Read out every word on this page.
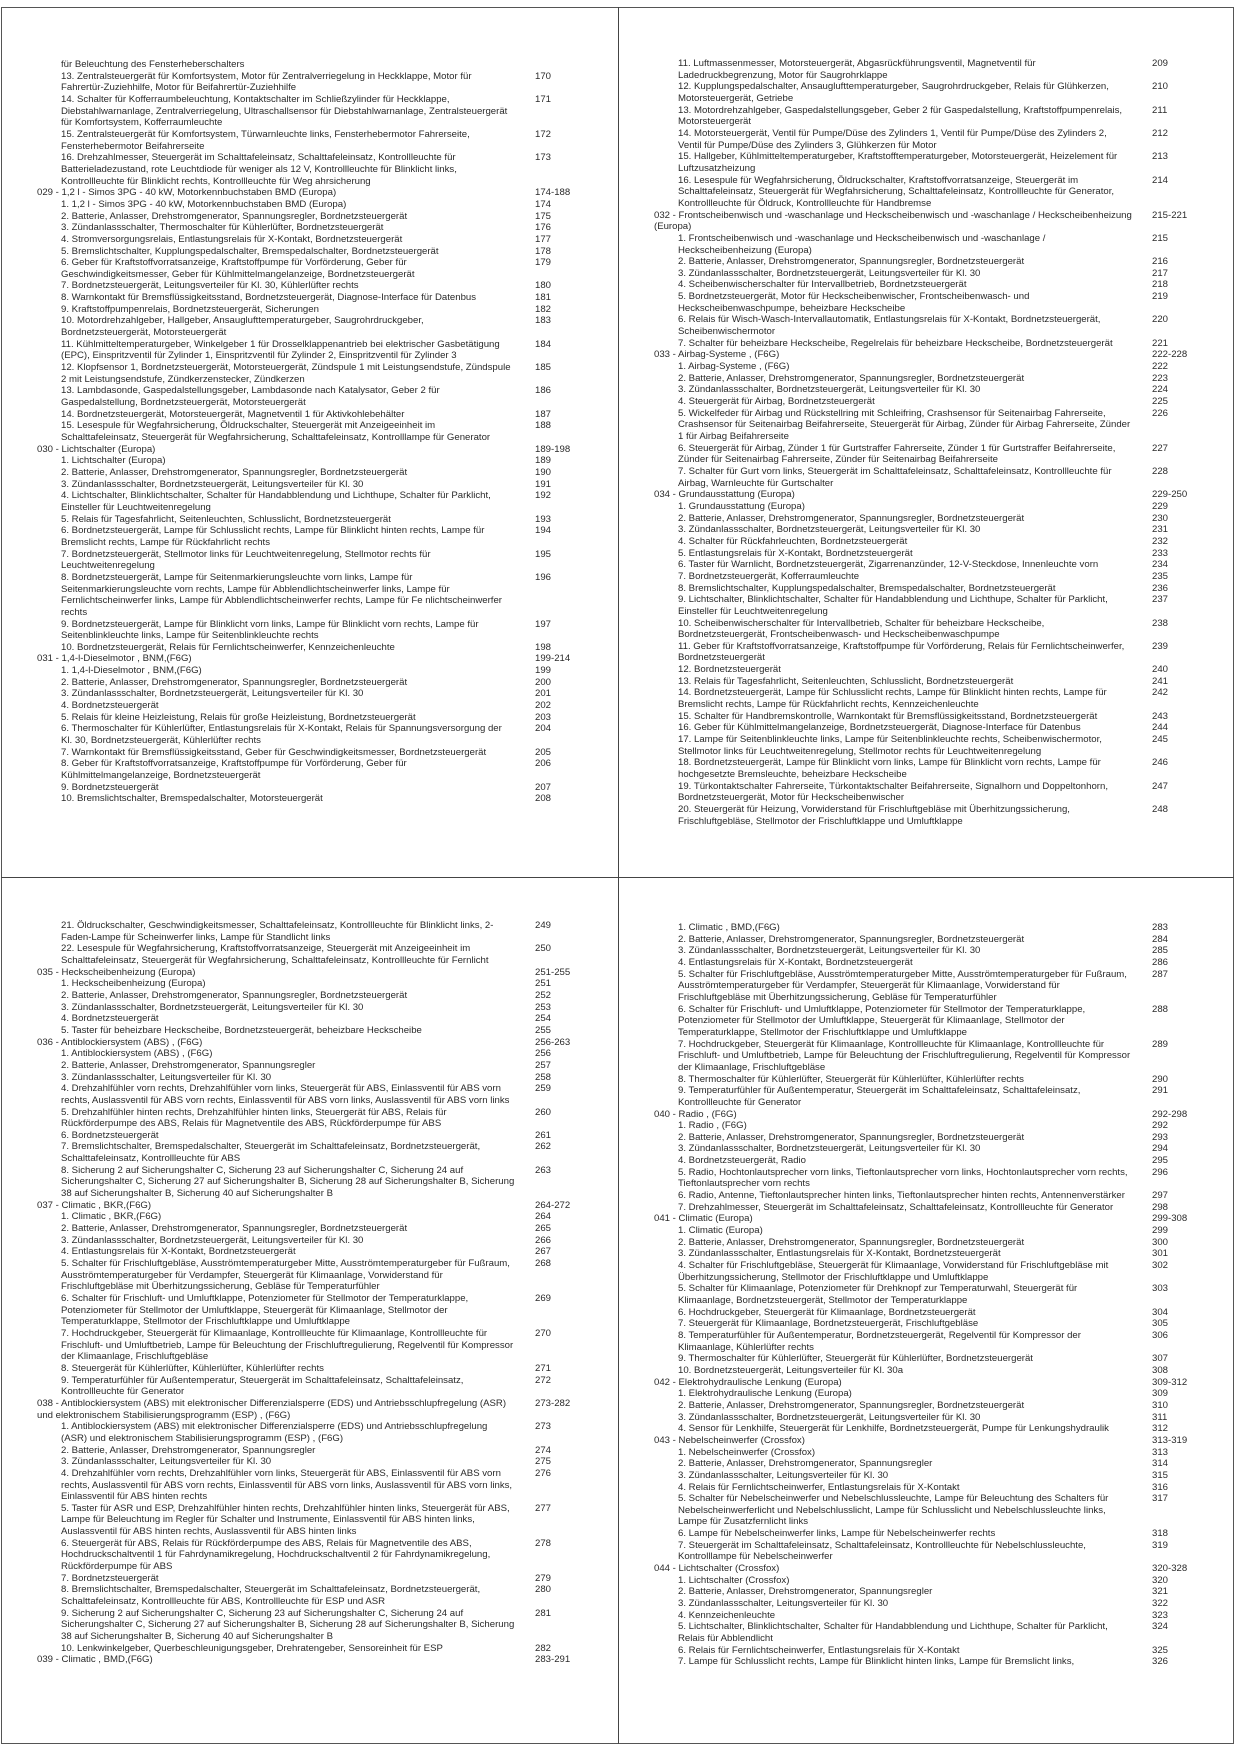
für Beleuchtung des Fensterheberschalters
13. Zentralsteuergerät für Komfortsystem, Motor für Zentralverriegelung in Heckklappe, Motor für Fahrertür-Zuziehhilfe, Motor für Beifahrertür-Zuziehhilfe
170
14. Schalter für Kofferraumbeleuchtung, Kontaktschalter im Schließzylinder für Heckklappe, Diebstahlwarnanlage, Zentralverriegelung, Ultraschallsensor für Diebstahlwarnanlage, Zentralsteuergerät für Komfortsystem, Kofferraumleuchte
171
15. Zentralsteuergerät für Komfortsystem, Türwarnleuchte links, Fensterhebermotor Fahrerseite, Fensterhebermotor Beifahrerseite
172
16. Drehzahlmesser, Steuergerät im Schalttafeleinsatz, Schalttafeleinsatz, Kontrollleuchte für Batterieladezustand, rote Leuchtdiode für weniger als 12 V, Kontrollleuchte für Blinklicht links, Kontrollleuchte für Blinklicht rechts, Kontrollleuchte für Weg ahrsicherung
173
029 - 1,2 l - Simos 3PG - 40 kW, Motorkennbuchstaben BMD (Europa)	174-188
1. 1,2 l - Simos 3PG - 40 kW, Motorkennbuchstaben BMD (Europa)	174
2. Batterie, Anlasser, Drehstromgenerator, Spannungsregler, Bordnetzsteuergerät	175
3. Zündanlassschalter, Thermoschalter für Kühlerlüfter, Bordnetzsteuergerät	176
4. Stromversorgungsrelais, Entlastungsrelais für X-Kontakt, Bordnetzsteuergerät	177
5. Bremslichtschalter, Kupplungspedalschalter, Bremspedalschalter, Bordnetzsteuergerät	178
6. Geber für Kraftstoffvorratsanzeige, Kraftstoffpumpe für Vorförderung, Geber für Geschwindigkeitsmesser, Geber für Kühlmittelmangelanzeige, Bordnetzsteuergerät
179
7. Bordnetzsteuergerät, Leitungsverteiler für Kl. 30, Kühlerlüfter rechts	180
8. Warnkontakt für Bremsflüssigkeitsstand, Bordnetzsteuergerät, Diagnose-Interface für Datenbus	181
9. Kraftstoffpumpenrelais, Bordnetzsteuergerät, Sicherungen	182
10. Motordrehzahlgeber, Hallgeber, Ansauglufttemperaturgeber, Saugrohrdruckgeber, Bordnetzsteuergerät, Motorsteuergerät
183
11. Kühlmitteltemperaturgeber, Winkelgeber 1 für Drosselklappenantrieb bei elektrischer Gasbetätigung (EPC), Einspritzventil für Zylinder 1, Einspritzventil für Zylinder 2, Einspritzventil für Zylinder 3
184
12. Klopfsensor 1, Bordnetzsteuergerät, Motorsteuergerät, Zündspule 1 mit Leistungsendstufe, Zündspule 2 mit Leistungsendstufe, Zündkerzenstecker, Zündkerzen
185
13. Lambdasonde, Gaspedalstellungsgeber, Lambdasonde nach Katalysator, Geber 2 für Gaspedalstellung, Bordnetzsteuergerät, Motorsteuergerät
186
14. Bordnetzsteuergerät, Motorsteuergerät, Magnetventil 1 für Aktivkohlebehälter	187
15. Lesespule für Wegfahrsicherung, Öldruckschalter, Steuergerät mit Anzeigeeinheit im Schalttafeleinsatz, Steuergerät für Wegfahrsicherung, Schalttafeleinsatz, Kontrolllampe für Generator
188
030 - Lichtschalter (Europa)	189-198
1. Lichtschalter (Europa)	189
2. Batterie, Anlasser, Drehstromgenerator, Spannungsregler, Bordnetzsteuergerät	190
3. Zündanlassschalter, Bordnetzsteuergerät, Leitungsverteiler für Kl. 30	191
4. Lichtschalter, Blinklichtschalter, Schalter für Handabblendung und Lichthupe, Schalter für Parklicht, Einsteller für Leuchtweitenregelung
192
5. Relais für Tagesfahrlicht, Seitenleuchten, Schlusslicht, Bordnetzsteuergerät	193
6. Bordnetzsteuergerät, Lampe für Schlusslicht rechts, Lampe für Blinklicht hinten rechts, Lampe für Bremslicht rechts, Lampe für Rückfahrlicht rechts
194
7. Bordnetzsteuergerät, Stellmotor links für Leuchtweitenregelung, Stellmotor rechts für Leuchtweitenregelung
195
8. Bordnetzsteuergerät, Lampe für Seitenmarkierungsleuchte vorn links, Lampe für Seitenmarkierungsleuchte vorn rechts, Lampe für Abblendlichtscheinwerfer links, Lampe für Fernlichtscheinwerfer links, Lampe für Abblendlichtscheinwerfer rechts, Lampe für Fe nlichtscheinwerfer rechts
196
9. Bordnetzsteuergerät, Lampe für Blinklicht vorn links, Lampe für Blinklicht vorn rechts, Lampe für Seitenblinkleuchte links, Lampe für Seitenblinkleuchte rechts
197
10. Bordnetzsteuergerät, Relais für Fernlichtscheinwerfer, Kennzeichenleuchte	198
031 - 1,4-l-Dieselmotor , BNM,(F6G)	199-214
1. 1,4-l-Dieselmotor , BNM,(F6G)	199
2. Batterie, Anlasser, Drehstromgenerator, Spannungsregler, Bordnetzsteuergerät	200
3. Zündanlassschalter, Bordnetzsteuergerät, Leitungsverteiler für Kl. 30	201
4. Bordnetzsteuergerät	202
5. Relais für kleine Heizleistung, Relais für große Heizleistung, Bordnetzsteuergerät	203
6. Thermoschalter für Kühlerlüfter, Entlastungsrelais für X-Kontakt, Relais für Spannungsversorgung der Kl. 30, Bordnetzsteuergerät, Kühlerlüfter rechts
204
7. Warnkontakt für Bremsflüssigkeitsstand, Geber für Geschwindigkeitsmesser, Bordnetzsteuergerät	205
8. Geber für Kraftstoffvorratsanzeige, Kraftstoffpumpe für Vorförderung, Geber für Kühlmittelmangelanzeige, Bordnetzsteuergerät
206
9. Bordnetzsteuergerät	207
10. Bremslichtschalter, Bremspedalschalter, Motorsteuergerät	208
11. Luftmassenmesser, Motorsteuergerät, Abgasrückführungsventil, Magnetventil für Ladedruckbegrenzung, Motor für Saugrohrklappe
209
12. Kupplungspedalschalter, Ansauglufttemperaturgeber, Saugrohrdruckgeber, Relais für Glühkerzen, Motorsteuergerät, Getriebe
210
13. Motordrehzahlgeber, Gaspedalstellungsgeber, Geber 2 für Gaspedalstellung, Kraftstoffpumpenrelais, Motorsteuergerät
211
14. Motorsteuergerät, Ventil für Pumpe/Düse des Zylinders 1, Ventil für Pumpe/Düse des Zylinders 2, Ventil für Pumpe/Düse des Zylinders 3, Glühkerzen für Motor
212
15. Hallgeber, Kühlmitteltemperaturgeber, Kraftstofftemperaturgeber, Motorsteuergerät, Heizelement für Luftzusatzheizung
213
16. Lesespule für Wegfahrsicherung, Öldruckschalter, Kraftstoffvorratsanzeige, Steuergerät im Schalttafeleinsatz, Steuergerät für Wegfahrsicherung, Schalttafeleinsatz, Kontrollleuchte für Generator, Kontrollleuchte für Öldruck, Kontrollleuchte für Handbremse
214
032 - Frontscheibenwisch und -waschanlage und Heckscheibenwisch und -waschanlage / Heckscheibenheizung (Europa)
215-221
1. Frontscheibenwisch und -waschanlage und Heckscheibenwisch und -waschanlage / Heckscheibenheizung (Europa)
215
2. Batterie, Anlasser, Drehstromgenerator, Spannungsregler, Bordnetzsteuergerät	216
3. Zündanlassschalter, Bordnetzsteuergerät, Leitungsverteiler für Kl. 30	217
4. Scheibenwischerschalter für Intervallbetrieb, Bordnetzsteuergerät	218
5. Bordnetzsteuergerät, Motor für Heckscheibenwischer, Frontscheibenwasch- und Heckscheibenwaschpumpe, beheizbare Heckscheibe
219
6. Relais für Wisch-Wasch-Intervallautomatik, Entlastungsrelais für X-Kontakt, Bordnetzsteuergerät, Scheibenwischermotor
220
7. Schalter für beheizbare Heckscheibe, Regelrelais für beheizbare Heckscheibe, Bordnetzsteuergerät	221
033 - Airbag-Systeme , (F6G)	222-228
1. Airbag-Systeme , (F6G)	222
2. Batterie, Anlasser, Drehstromgenerator, Spannungsregler, Bordnetzsteuergerät	223
3. Zündanlassschalter, Bordnetzsteuergerät, Leitungsverteiler für Kl. 30	224
4. Steuergerät für Airbag, Bordnetzsteuergerät	225
5. Wickelfeder für Airbag und Rückstellring mit Schleifring, Crashsensor für Seitenairbag Fahrerseite, Crashsensor für Seitenairbag Beifahrerseite, Steuergerät für Airbag, Zünder für Airbag Fahrerseite, Zünder 1 für Airbag Beifahrerseite
226
6. Steuergerät für Airbag, Zünder 1 für Gurtstraffer Fahrerseite, Zünder 1 für Gurtstraffer Beifahrerseite, Zünder für Seitenairbag Fahrerseite, Zünder für Seitenairbag Beifahrerseite
227
7. Schalter für Gurt vorn links, Steuergerät im Schalttafeleinsatz, Schalttafeleinsatz, Kontrollleuchte für Airbag, Warnleuchte für Gurtschalter
228
034 - Grundausstattung (Europa)	229-250
1. Grundausstattung (Europa)	229
2. Batterie, Anlasser, Drehstromgenerator, Spannungsregler, Bordnetzsteuergerät	230
3. Zündanlassschalter, Bordnetzsteuergerät, Leitungsverteiler für Kl. 30	231
4. Schalter für Rückfahrleuchten, Bordnetzsteuergerät	232
5. Entlastungsrelais für X-Kontakt, Bordnetzsteuergerät	233
6. Taster für Warnlicht, Bordnetzsteuergerät, Zigarrenanzünder, 12-V-Steckdose, Innenleuchte vorn	234
7. Bordnetzsteuergerät, Kofferraumleuchte	235
8. Bremslichtschalter, Kupplungspedalschalter, Bremspedalschalter, Bordnetzsteuergerät	236
9. Lichtschalter, Blinklichtschalter, Schalter für Handabblendung und Lichthupe, Schalter für Parklicht, Einsteller für Leuchtweitenregelung
237
10. Scheibenwischerschalter für Intervallbetrieb, Schalter für beheizbare Heckscheibe, Bordnetzsteuergerät, Frontscheibenwasch- und Heckscheibenwaschpumpe
238
11. Geber für Kraftstoffvorratsanzeige, Kraftstoffpumpe für Vorförderung, Relais für Fernlichtscheinwerfer, Bordnetzsteuergerät
239
12. Bordnetzsteuergerät	240
13. Relais für Tagesfahrlicht, Seitenleuchten, Schlusslicht, Bordnetzsteuergerät	241
14. Bordnetzsteuergerät, Lampe für Schlusslicht rechts, Lampe für Blinklicht hinten rechts, Lampe für Bremslicht rechts, Lampe für Rückfahrlicht rechts, Kennzeichenleuchte
242
15. Schalter für Handbremskontrolle, Warnkontakt für Bremsflüssigkeitsstand, Bordnetzsteuergerät	243
16. Geber für Kühlmittelmangelanzeige, Bordnetzsteuergerät, Diagnose-Interface für Datenbus	244
17. Lampe für Seitenblinkleuchte links, Lampe für Seitenblinkleuchte rechts, Scheibenwischermotor, Stellmotor links für Leuchtweitenregelung, Stellmotor rechts für Leuchtweitenregelung
245
18. Bordnetzsteuergerät, Lampe für Blinklicht vorn links, Lampe für Blinklicht vorn rechts, Lampe für hochgesetzte Bremsleuchte, beheizbare Heckscheibe
246
19. Türkontaktschalter Fahrerseite, Türkontaktschalter Beifahrerseite, Signalhorn und Doppeltonhorn, Bordnetzsteuergerät, Motor für Heckscheibenwischer
247
20. Steuergerät für Heizung, Vorwiderstand für Frischluftgebläse mit Überhitzungssicherung, Frischluftgebläse, Stellmotor der Frischluftklappe und Umluftklappe
248
21. Öldruckschalter, Geschwindigkeitsmesser, Schalttafeleinsatz, Kontrollleuchte für Blinklicht links, 2-Faden-Lampe für Scheinwerfer links, Lampe für Standlicht links
249
22. Lesespule für Wegfahrsicherung, Kraftstoffvorratsanzeige, Steuergerät mit Anzeigeeinheit im Schalttafeleinsatz, Steuergerät für Wegfahrsicherung, Schalttafeleinsatz, Kontrollleuchte für Fernlicht
250
035 - Heckscheibenheizung (Europa)	251-255
1. Heckscheibenheizung (Europa)	251
2. Batterie, Anlasser, Drehstromgenerator, Spannungsregler, Bordnetzsteuergerät	252
3. Zündanlassschalter, Bordnetzsteuergerät, Leitungsverteiler für Kl. 30	253
4. Bordnetzsteuergerät	254
5. Taster für beheizbare Heckscheibe, Bordnetzsteuergerät, beheizbare Heckscheibe	255
036 - Antiblockiersystem (ABS) , (F6G)	256-263
1. Antiblockiersystem (ABS) , (F6G)	256
2. Batterie, Anlasser, Drehstromgenerator, Spannungsregler	257
3. Zündanlassschalter, Leitungsverteiler für Kl. 30	258
4. Drehzahlfühler vorn rechts, Drehzahlfühler vorn links, Steuergerät für ABS, Einlassventil für ABS vorn rechts, Auslassventil für ABS vorn rechts, Einlassventil für ABS vorn links, Auslassventil für ABS vorn links
259
5. Drehzahlfühler hinten rechts, Drehzahlfühler hinten links, Steuergerät für ABS, Relais für Rückförderpumpe des ABS, Relais für Magnetventile des ABS, Rückförderpumpe für ABS
260
6. Bordnetzsteuergerät	261
7. Bremslichtschalter, Bremspedalschalter, Steuergerät im Schalttafeleinsatz, Bordnetzsteuergerät, Schalttafeleinsatz, Kontrollleuchte für ABS
262
8. Sicherung 2 auf Sicherungshalter C, Sicherung 23 auf Sicherungshalter C, Sicherung 24 auf Sicherungshalter C, Sicherung 27 auf Sicherungshalter B, Sicherung 28 auf Sicherungshalter B, Sicherung 38 auf Sicherungshalter B, Sicherung 40 auf Sicherungshalter B
263
037 - Climatic , BKR,(F6G)	264-272
1. Climatic , BKR,(F6G)	264
2. Batterie, Anlasser, Drehstromgenerator, Spannungsregler, Bordnetzsteuergerät	265
3. Zündanlassschalter, Bordnetzsteuergerät, Leitungsverteiler für Kl. 30	266
4. Entlastungsrelais für X-Kontakt, Bordnetzsteuergerät	267
5. Schalter für Frischluftgebläse, Ausströmtemperaturgeber Mitte, Ausströmtemperaturgeber für Fußraum, Ausströmtemperaturgeber für Verdampfer, Steuergerät für Klimaanlage, Vorwiderstand für Frischluftgebläse mit Überhitzungssicherung, Gebläse für Temperaturfühler
268
6. Schalter für Frischluft- und Umluftklappe, Potenziometer für Stellmotor der Temperaturklappe, Potenziometer für Stellmotor der Umluftklappe, Steuergerät für Klimaanlage, Stellmotor der Temperaturklappe, Stellmotor der Frischluftklappe und Umluftklappe
269
7. Hochdruckgeber, Steuergerät für Klimaanlage, Kontrollleuchte für Klimaanlage, Kontrollleuchte für Frischluft- und Umluftbetrieb, Lampe für Beleuchtung der Frischluftregulierung, Regelventil für Kompressor der Klimaanlage, Frischluftgebläse
270
8. Steuergerät für Kühlerlüfter, Kühlerlüfter, Kühlerlüfter rechts	271
9. Temperaturfühler für Außentemperatur, Steuergerät im Schalttafeleinsatz, Schalttafeleinsatz, Kontrollleuchte für Generator
272
038 - Antiblockiersystem (ABS) mit elektronischer Differenzialsperre (EDS) und Antriebsschlupfregelung (ASR) und elektronischem Stabilisierungsprogramm (ESP) , (F6G)
273-282
1. Antiblockiersystem (ABS) mit elektronischer Differenzialsperre (EDS) und Antriebsschlupfregelung (ASR) und elektronischem Stabilisierungsprogramm (ESP) , (F6G)
273
2. Batterie, Anlasser, Drehstromgenerator, Spannungsregler	274
3. Zündanlassschalter, Leitungsverteiler für Kl. 30	275
4. Drehzahlfühler vorn rechts, Drehzahlfühler vorn links, Steuergerät für ABS, Einlassventil für ABS vorn rechts, Auslassventil für ABS vorn rechts, Einlassventil für ABS vorn links, Auslassventil für ABS vorn links, Einlassventil für ABS hinten rechts
276
5. Taster für ASR und ESP, Drehzahlfühler hinten rechts, Drehzahlfühler hinten links, Steuergerät für ABS, Lampe für Beleuchtung im Regler für Schalter und Instrumente, Einlassventil für ABS hinten links, Auslassventil für ABS hinten rechts, Auslassventil für ABS hinten links
277
6. Steuergerät für ABS, Relais für Rückförderpumpe des ABS, Relais für Magnetventile des ABS, Hochdruckschaltventil 1 für Fahrdynamikregelung, Hochdruckschaltventil 2 für Fahrdynamikregelung, Rückförderpumpe für ABS
278
7. Bordnetzsteuergerät	279
8. Bremslichtschalter, Bremspedalschalter, Steuergerät im Schalttafeleinsatz, Bordnetzsteuergerät, Schalttafeleinsatz, Kontrollleuchte für ABS, Kontrollleuchte für ESP und ASR
280
9. Sicherung 2 auf Sicherungshalter C, Sicherung 23 auf Sicherungshalter C, Sicherung 24 auf Sicherungshalter C, Sicherung 27 auf Sicherungshalter B, Sicherung 28 auf Sicherungshalter B, Sicherung 38 auf Sicherungshalter B, Sicherung 40 auf Sicherungshalter B
281
10. Lenkwinkelgeber, Querbeschleunigungsgeber, Drehratengeber, Sensoreinheit für ESP	282
039 - Climatic , BMD,(F6G)	283-291
1. Climatic , BMD,(F6G)	283
2. Batterie, Anlasser, Drehstromgenerator, Spannungsregler, Bordnetzsteuergerät	284
3. Zündanlassschalter, Bordnetzsteuergerät, Leitungsverteiler für Kl. 30	285
4. Entlastungsrelais für X-Kontakt, Bordnetzsteuergerät	286
5. Schalter für Frischluftgebläse, Ausströmtemperaturgeber Mitte, Ausströmtemperaturgeber für Fußraum, Ausströmtemperaturgeber für Verdampfer, Steuergerät für Klimaanlage, Vorwiderstand für Frischluftgebläse mit Überhitzungssicherung, Gebläse für Temperaturfühler
287
6. Schalter für Frischluft- und Umluftklappe, Potenziometer für Stellmotor der Temperaturklappe, Potenziometer für Stellmotor der Umluftklappe, Steuergerät für Klimaanlage, Stellmotor der Temperaturklappe, Stellmotor der Frischluftklappe und Umluftklappe
288
7. Hochdruckgeber, Steuergerät für Klimaanlage, Kontrollleuchte für Klimaanlage, Kontrollleuchte für Frischluft- und Umluftbetrieb, Lampe für Beleuchtung der Frischluftregulierung, Regelventil für Kompressor der Klimaanlage, Frischluftgebläse
289
8. Thermoschalter für Kühlerlüfter, Steuergerät für Kühlerlüfter, Kühlerlüfter rechts	290
9. Temperaturfühler für Außentemperatur, Steuergerät im Schalttafeleinsatz, Schalttafeleinsatz, Kontrollleuchte für Generator
291
040 - Radio , (F6G)	292-298
1. Radio , (F6G)	292
2. Batterie, Anlasser, Drehstromgenerator, Spannungsregler, Bordnetzsteuergerät	293
3. Zündanlassschalter, Bordnetzsteuergerät, Leitungsverteiler für Kl. 30	294
4. Bordnetzsteuergerät, Radio	295
5. Radio, Hochtonlautsprecher vorn links, Tieftonlautsprecher vorn links, Hochtonlautsprecher vorn rechts, Tieftonlautsprecher vorn rechts
296
6. Radio, Antenne, Tieftonlautsprecher hinten links, Tieftonlautsprecher hinten rechts, Antennenverstärker	297
7. Drehzahlmesser, Steuergerät im Schalttafeleinsatz, Schalttafeleinsatz, Kontrollleuchte für Generator	298
041 - Climatic (Europa)	299-308
1. Climatic (Europa)	299
2. Batterie, Anlasser, Drehstromgenerator, Spannungsregler, Bordnetzsteuergerät	300
3. Zündanlassschalter, Entlastungsrelais für X-Kontakt, Bordnetzsteuergerät	301
4. Schalter für Frischluftgebläse, Steuergerät für Klimaanlage, Vorwiderstand für Frischluftgebläse mit Überhitzungssicherung, Stellmotor der Frischluftklappe und Umluftklappe
302
5. Schalter für Klimaanlage, Potenziometer für Drehknopf zur Temperaturwahl, Steuergerät für Klimaanlage, Bordnetzsteuergerät, Stellmotor der Temperaturklappe
303
6. Hochdruckgeber, Steuergerät für Klimaanlage, Bordnetzsteuergerät	304
7. Steuergerät für Klimaanlage, Bordnetzsteuergerät, Frischluftgebläse	305
8. Temperaturfühler für Außentemperatur, Bordnetzsteuergerät, Regelventil für Kompressor der Klimaanlage, Kühlerlüfter rechts
306
9. Thermoschalter für Kühlerlüfter, Steuergerät für Kühlerlüfter, Bordnetzsteuergerät	307
10. Bordnetzsteuergerät, Leitungsverteiler für Kl. 30a	308
042 - Elektrohydraulische Lenkung (Europa)	309-312
1. Elektrohydraulische Lenkung (Europa)	309
2. Batterie, Anlasser, Drehstromgenerator, Spannungsregler, Bordnetzsteuergerät	310
3. Zündanlassschalter, Bordnetzsteuergerät, Leitungsverteiler für Kl. 30	311
4. Sensor für Lenkhilfe, Steuergerät für Lenkhilfe, Bordnetzsteuergerät, Pumpe für Lenkungshydraulik	312
043 - Nebelscheinwerfer (Crossfox)	313-319
1. Nebelscheinwerfer (Crossfox)	313
2. Batterie, Anlasser, Drehstromgenerator, Spannungsregler	314
3. Zündanlassschalter, Leitungsverteiler für Kl. 30	315
4. Relais für Fernlichtscheinwerfer, Entlastungsrelais für X-Kontakt	316
5. Schalter für Nebelscheinwerfer und Nebelschlussleuchte, Lampe für Beleuchtung des Schalters für Nebelscheinwerferlicht und Nebelschlusslicht, Lampe für Schlusslicht und Nebelschlussleuchte links, Lampe für Zusatzfernlicht links
317
6. Lampe für Nebelscheinwerfer links, Lampe für Nebelscheinwerfer rechts	318
7. Steuergerät im Schalttafeleinsatz, Schalttafeleinsatz, Kontrollleuchte für Nebelschlussleuchte, Kontrolllampe für Nebelscheinwerfer
319
044 - Lichtschalter (Crossfox)	320-328
1. Lichtschalter (Crossfox)	320
2. Batterie, Anlasser, Drehstromgenerator, Spannungsregler	321
3. Zündanlassschalter, Leitungsverteiler für Kl. 30	322
4. Kennzeichenleuchte	323
5. Lichtschalter, Blinklichtschalter, Schalter für Handabblendung und Lichthupe, Schalter für Parklicht, Relais für Abblendlicht
324
6. Relais für Fernlichtscheinwerfer, Entlastungsrelais für X-Kontakt	325
7. Lampe für Schlusslicht rechts, Lampe für Blinklicht hinten links, Lampe für Bremslicht links,	326
